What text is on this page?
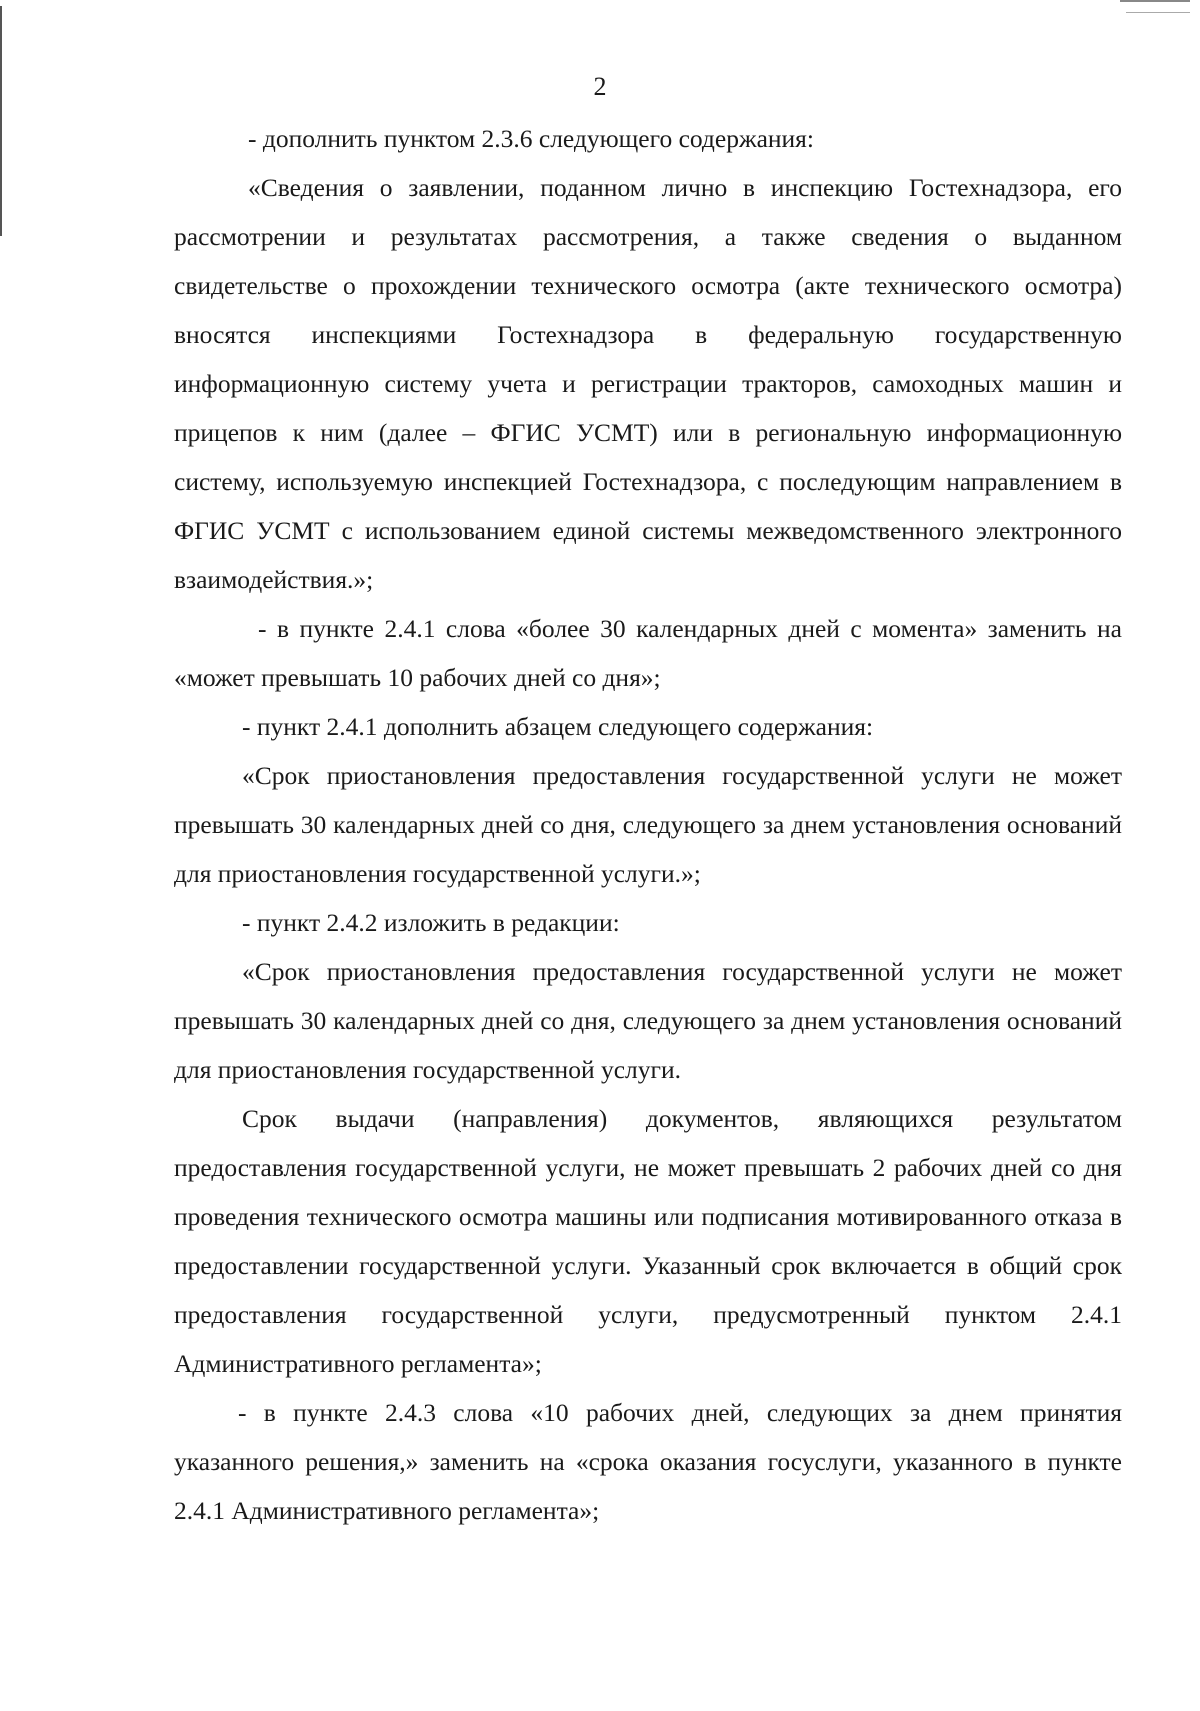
2

- дополнить пунктом 2.3.6 следующего содержания:

«Сведения о заявлении, поданном лично в инспекцию Гостехнадзора, его рассмотрении и результатах рассмотрения, а также сведения о выданном свидетельстве о прохождении технического осмотра (акте технического осмотра) вносятся инспекциями Гостехнадзора в федеральную государственную информационную систему учета и регистрации тракторов, самоходных машин и прицепов к ним (далее – ФГИС УСМТ) или в региональную информационную систему, используемую инспекцией Гостехнадзора, с последующим направлением в ФГИС УСМТ с использованием единой системы межведомственного электронного взаимодействия.»;

- в пункте 2.4.1 слова «более 30 календарных дней с момента» заменить на «может превышать 10 рабочих дней со дня»;

- пункт 2.4.1 дополнить абзацем следующего содержания:

«Срок приостановления предоставления государственной услуги не может превышать 30 календарных дней со дня, следующего за днем установления оснований для приостановления государственной услуги.»;

- пункт 2.4.2 изложить в редакции:

«Срок приостановления предоставления государственной услуги не может превышать 30 календарных дней со дня, следующего за днем установления оснований для приостановления государственной услуги.

Срок выдачи (направления) документов, являющихся результатом предоставления государственной услуги, не может превышать 2 рабочих дней со дня проведения технического осмотра машины или подписания мотивированного отказа в предоставлении государственной услуги. Указанный срок включается в общий срок предоставления государственной услуги, предусмотренный пунктом 2.4.1 Административного регламента»;

- в пункте 2.4.3 слова «10 рабочих дней, следующих за днем принятия указанного решения,» заменить на «срока оказания госуслуги, указанного в пункте 2.4.1 Административного регламента»;
